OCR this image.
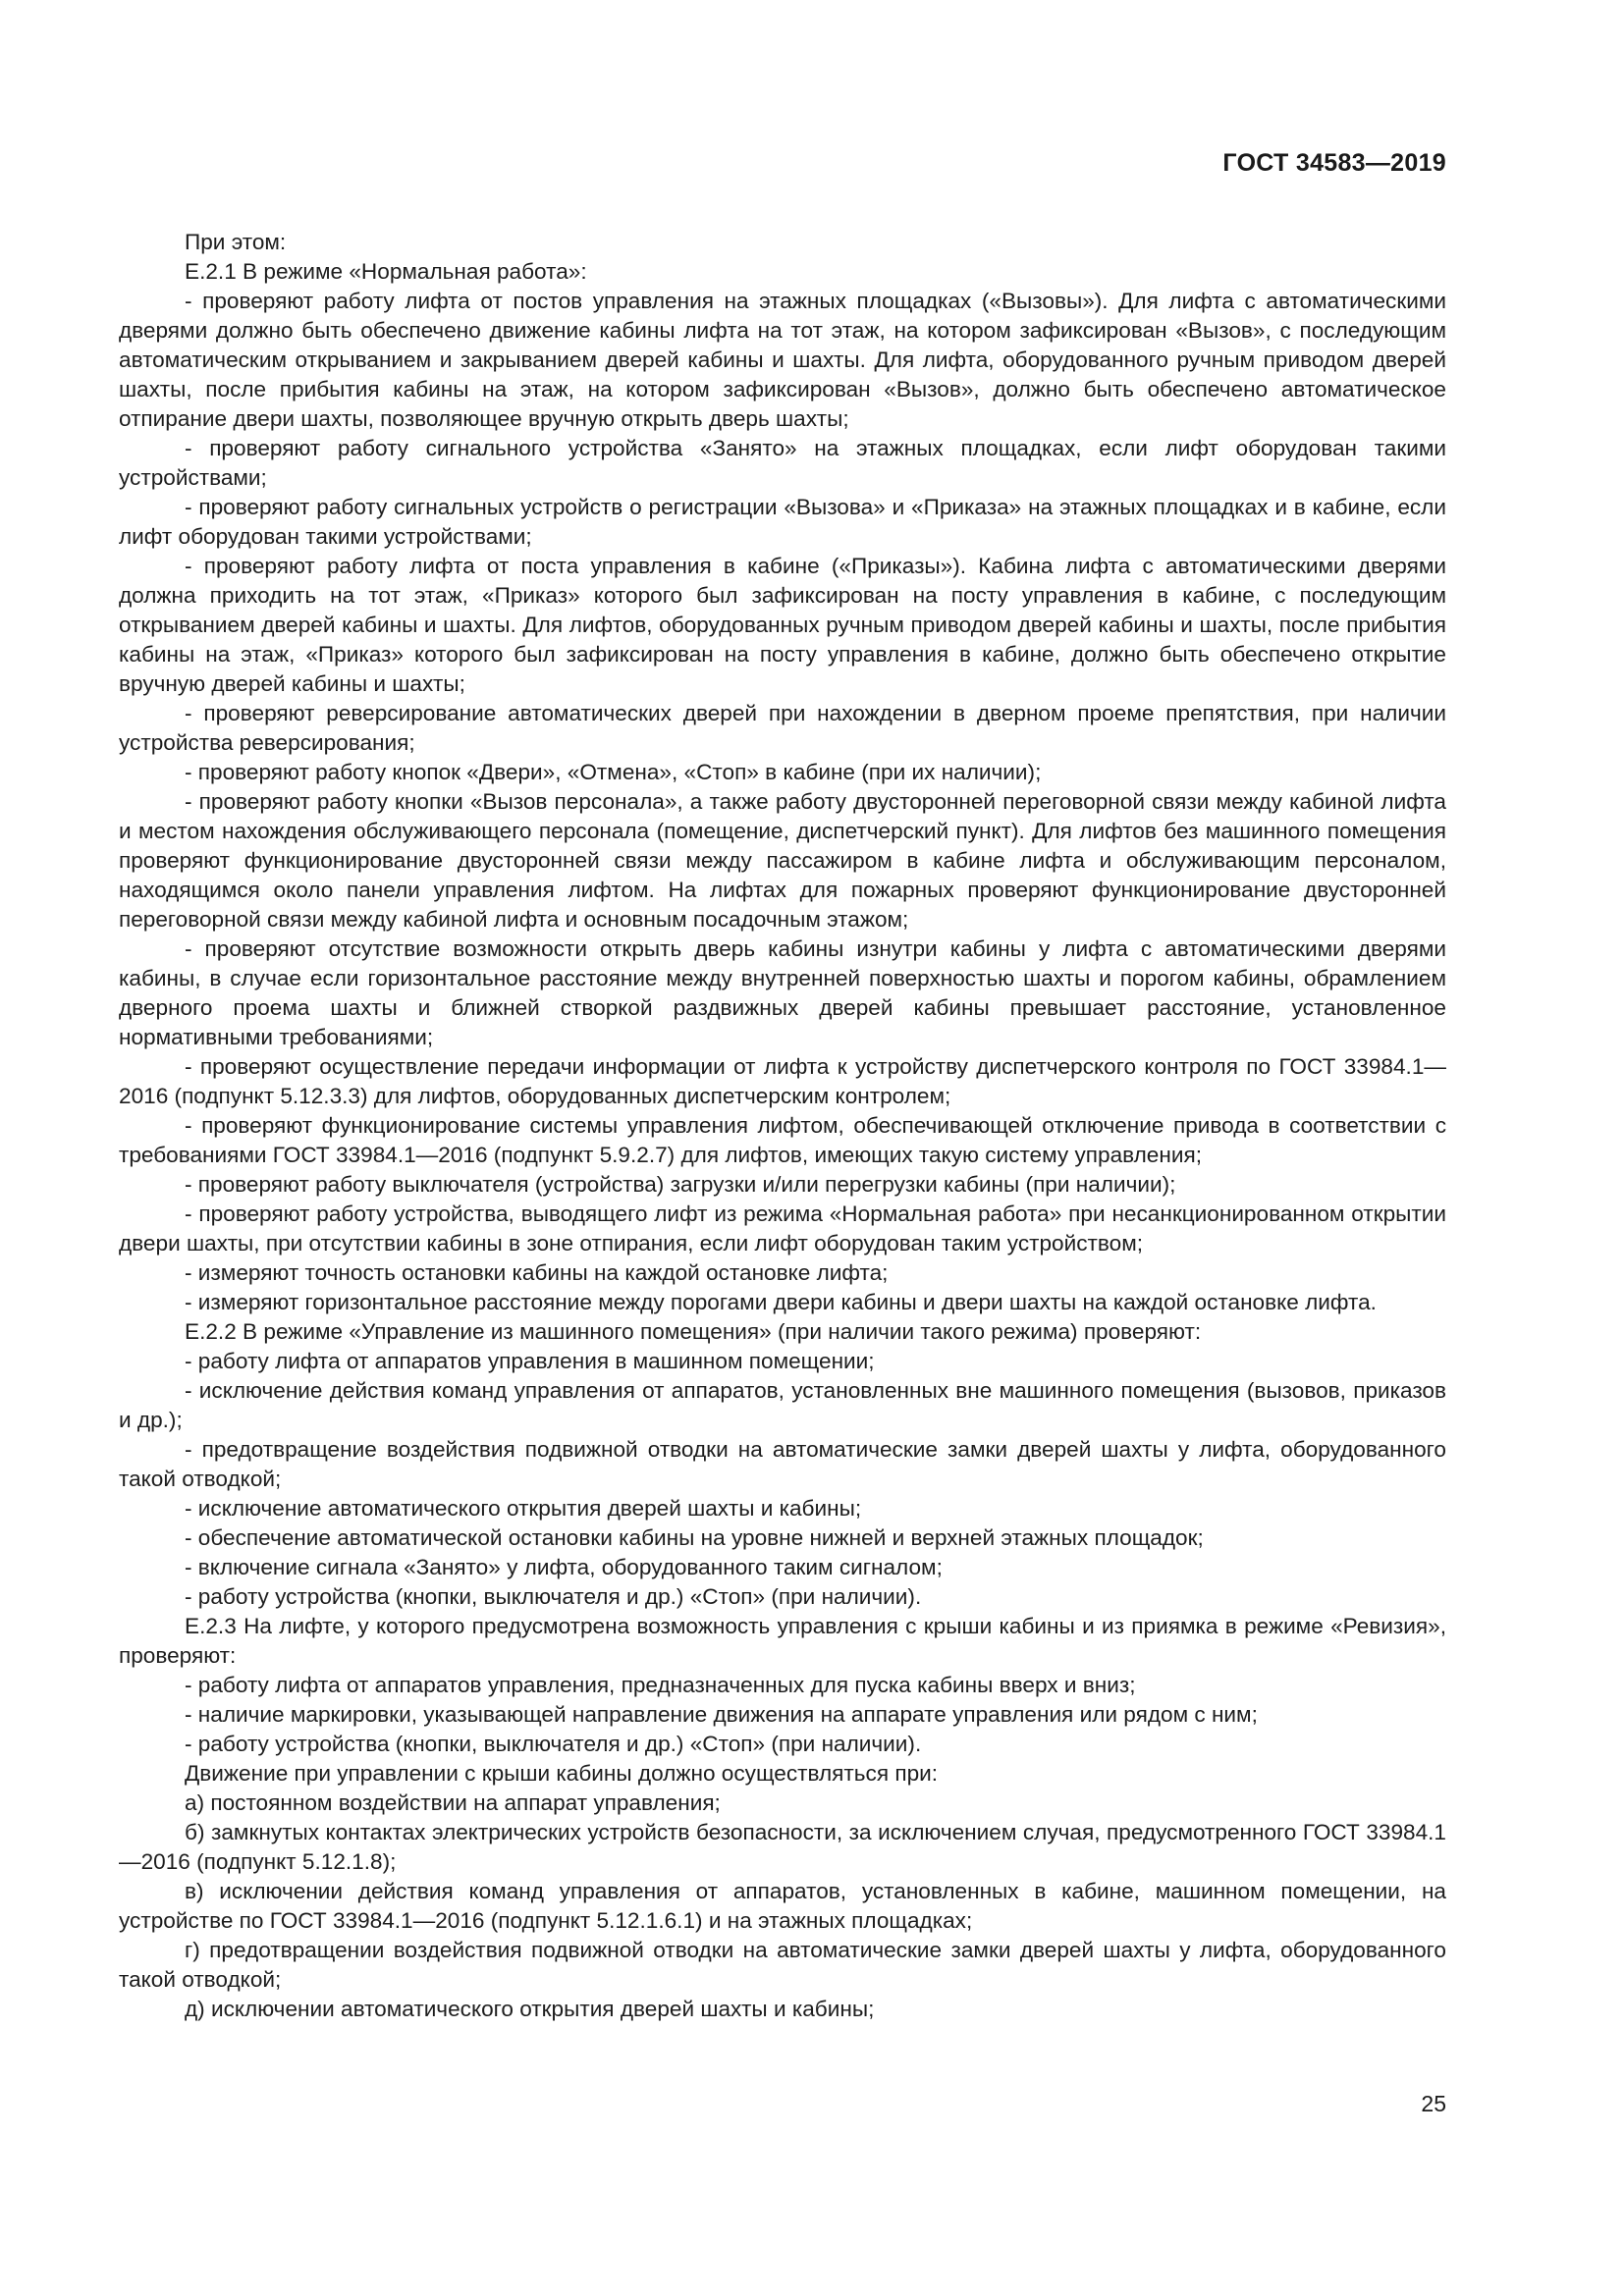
ГОСТ 34583—2019

При этом:

Е.2.1 В режиме «Нормальная работа»:

- проверяют работу лифта от постов управления на этажных площадках («Вызовы»). Для лифта с автоматическими дверями должно быть обеспечено движение кабины лифта на тот этаж, на котором зафиксирован «Вызов», с последующим автоматическим открыванием и закрыванием дверей кабины и шахты. Для лифта, оборудованного ручным приводом дверей шахты, после прибытия кабины на этаж, на котором зафиксирован «Вызов», должно быть обеспечено автоматическое отпирание двери шахты, позволяющее вручную открыть дверь шахты;

- проверяют работу сигнального устройства «Занято» на этажных площадках, если лифт оборудован такими устройствами;

- проверяют работу сигнальных устройств о регистрации «Вызова» и «Приказа» на этажных площадках и в кабине, если лифт оборудован такими устройствами;

- проверяют работу лифта от поста управления в кабине («Приказы»). Кабина лифта с автоматическими дверями должна приходить на тот этаж, «Приказ» которого был зафиксирован на посту управления в кабине, с последующим открыванием дверей кабины и шахты. Для лифтов, оборудованных ручным приводом дверей кабины и шахты, после прибытия кабины на этаж, «Приказ» которого был зафиксирован на посту управления в кабине, должно быть обеспечено открытие вручную дверей кабины и шахты;

- проверяют реверсирование автоматических дверей при нахождении в дверном проеме препятствия, при наличии устройства реверсирования;

- проверяют работу кнопок «Двери», «Отмена», «Стоп» в кабине (при их наличии);

- проверяют работу кнопки «Вызов персонала», а также работу двусторонней переговорной связи между кабиной лифта и местом нахождения обслуживающего персонала (помещение, диспетчерский пункт). Для лифтов без машинного помещения проверяют функционирование двусторонней связи между пассажиром в кабине лифта и обслуживающим персоналом, находящимся около панели управления лифтом. На лифтах для пожарных проверяют функционирование двусторонней переговорной связи между кабиной лифта и основным посадочным этажом;

- проверяют отсутствие возможности открыть дверь кабины изнутри кабины у лифта с автоматическими дверями кабины, в случае если горизонтальное расстояние между внутренней поверхностью шахты и порогом кабины, обрамлением дверного проема шахты и ближней створкой раздвижных дверей кабины превышает расстояние, установленное нормативными требованиями;

- проверяют осуществление передачи информации от лифта к устройству диспетчерского контроля по ГОСТ 33984.1—2016 (подпункт 5.12.3.3) для лифтов, оборудованных диспетчерским контролем;

- проверяют функционирование системы управления лифтом, обеспечивающей отключение привода в соответствии с требованиями ГОСТ 33984.1—2016 (подпункт 5.9.2.7) для лифтов, имеющих такую систему управления;

- проверяют работу выключателя (устройства) загрузки и/или перегрузки кабины (при наличии);

- проверяют работу устройства, выводящего лифт из режима «Нормальная работа» при несанкционированном открытии двери шахты, при отсутствии кабины в зоне отпирания, если лифт оборудован таким устройством;

- измеряют точность остановки кабины на каждой остановке лифта;

- измеряют горизонтальное расстояние между порогами двери кабины и двери шахты на каждой остановке лифта.

Е.2.2 В режиме «Управление из машинного помещения» (при наличии такого режима) проверяют:

- работу лифта от аппаратов управления в машинном помещении;

- исключение действия команд управления от аппаратов, установленных вне машинного помещения (вызовов, приказов и др.);

- предотвращение воздействия подвижной отводки на автоматические замки дверей шахты у лифта, оборудованного такой отводкой;

- исключение автоматического открытия дверей шахты и кабины;

- обеспечение автоматической остановки кабины на уровне нижней и верхней этажных площадок;

- включение сигнала «Занято» у лифта, оборудованного таким сигналом;

- работу устройства (кнопки, выключателя и др.) «Стоп» (при наличии).

Е.2.3 На лифте, у которого предусмотрена возможность управления с крыши кабины и из приямка в режиме «Ревизия», проверяют:

- работу лифта от аппаратов управления, предназначенных для пуска кабины вверх и вниз;

- наличие маркировки, указывающей направление движения на аппарате управления или рядом с ним;

- работу устройства (кнопки, выключателя и др.) «Стоп» (при наличии).

Движение при управлении с крыши кабины должно осуществляться при:

а) постоянном воздействии на аппарат управления;

б) замкнутых контактах электрических устройств безопасности, за исключением случая, предусмотренного ГОСТ 33984.1—2016 (подпункт 5.12.1.8);

в) исключении действия команд управления от аппаратов, установленных в кабине, машинном помещении, на устройстве по ГОСТ 33984.1—2016 (подпункт 5.12.1.6.1) и на этажных площадках;

г) предотвращении воздействия подвижной отводки на автоматические замки дверей шахты у лифта, оборудованного такой отводкой;

д) исключении автоматического открытия дверей шахты и кабины;

25
